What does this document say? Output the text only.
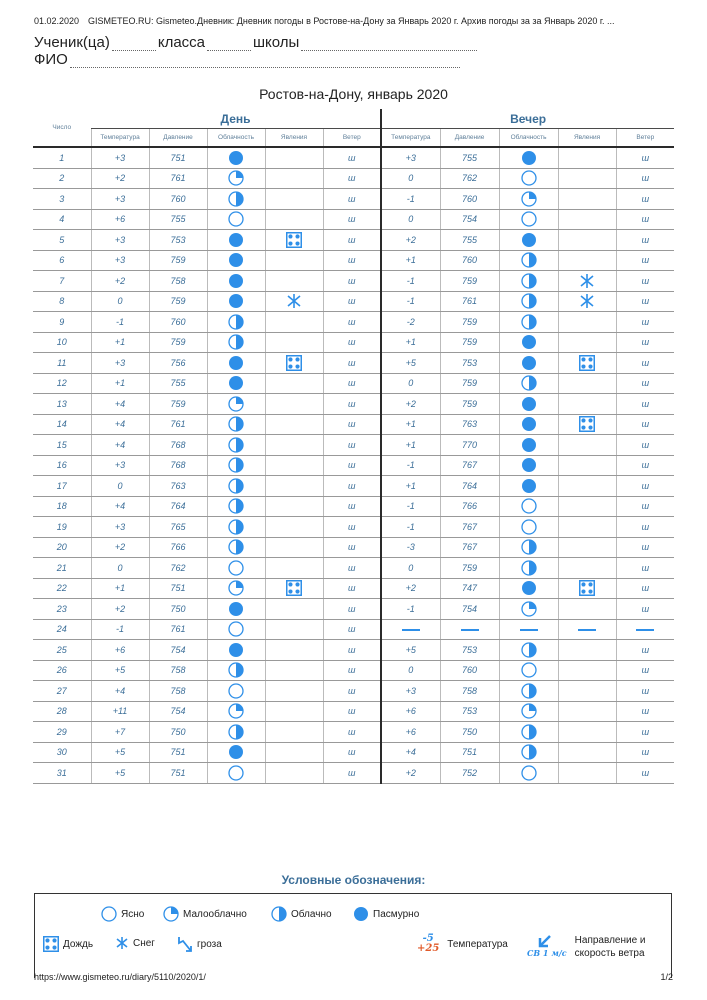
01.02.2020 GISMETEO.RU: Gismeteo.Дневник: Дневник погоды в Ростове-на-Дону за Январь 2020 г. Архив погоды за за Январь 2020 г. ...
Ученик(ца)	класса	школы
ФИО
Ростов-на-Дону, январь 2020
Число	День					Вечер				
	Температура	Давление	Облачность	Явления	Ветер	Температура	Давление	Облачность	Явления	Ветер
1	+3	751			ш	+3	755			ш
2	+2	761			ш	0	762			ш
3	+3	760			ш	-1	760			ш
4	+6	755			ш	0	754			ш
5	+3	753			ш	+2	755			ш
6	+3	759			ш	+1	760			ш
7	+2	758			ш	-1	759			ш
8	0	759			ш	-1	761			ш
9	-1	760			ш	-2	759			ш
10	+1	759			ш	+1	759			ш
11	+3	756			ш	+5	753			ш
12	+1	755			ш	0	759			ш
13	+4	759			ш	+2	759			ш
14	+4	761			ш	+1	763			ш
15	+4	768			ш	+1	770			ш
16	+3	768			ш	-1	767			ш
17	0	763			ш	+1	764			ш
18	+4	764			ш	-1	766			ш
19	+3	765			ш	-1	767			ш
20	+2	766			ш	-3	767			ш
21	0	762			ш	0	759			ш
22	+1	751			ш	+2	747			ш
23	+2	750			ш	-1	754			ш
24	-1	761			ш					
25	+6	754			ш	+5	753			ш
26	+5	758			ш	0	760			ш
27	+4	758			ш	+3	758			ш
28	+11	754			ш	+6	753			ш
29	+7	750			ш	+6	750			ш
30	+5	751			ш	+4	751			ш
31	+5	751			ш	+2	752			ш
Условные обозначения:
Ясно	Малооблачно	Облачно	Пасмурно
Дождь	Снег	гроза	-5
+25 Температура
СВ 1 м/с
Направление и скорость ветра
https://www.gismeteo.ru/diary/5110/2020/1/	1/2
